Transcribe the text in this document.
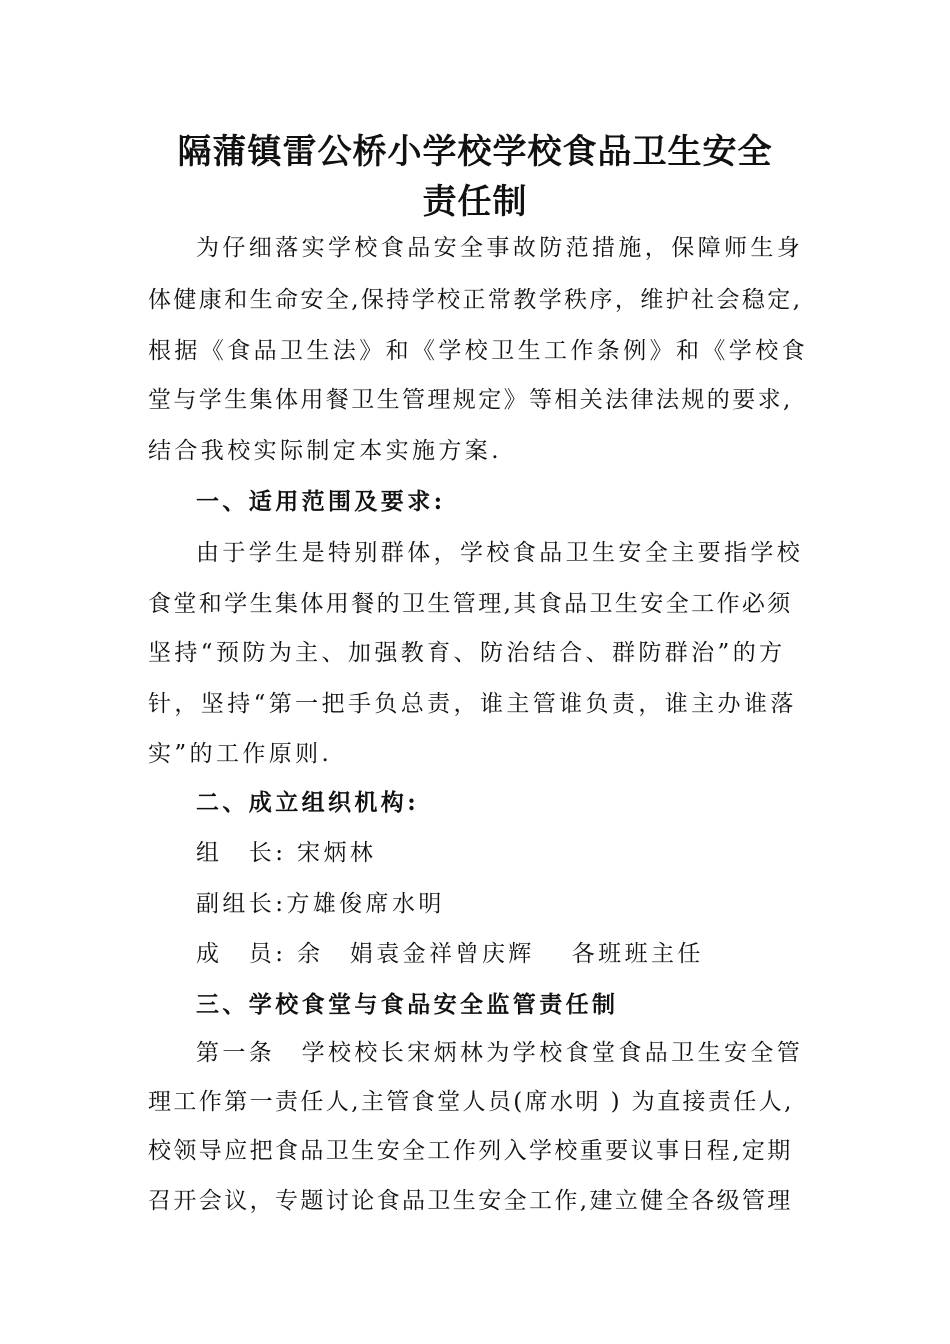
隔蒲镇雷公桥小学校学校食品卫生安全
责任制
为仔细落实学校食品安全事故防范措施，保障师生身
体健康和生命安全,保持学校正常教学秩序，维护社会稳定,
根据《食品卫生法》和《学校卫生工作条例》和《学校食
堂与学生集体用餐卫生管理规定》等相关法律法规的要求,
结合我校实际制定本实施方案.
一、适用范围及要求:
由于学生是特别群体，学校食品卫生安全主要指学校
食堂和学生集体用餐的卫生管理,其食品卫生安全工作必须
坚持“预防为主、加强教育、防治结合、群防群治”的方
针，坚持“第一把手负总责，谁主管谁负责，谁主办谁落
实”的工作原则.
二、成立组织机构:
组　长: 宋炳林
副组长:方雄俊席水明
成　员: 余　娟袁金祥曾庆辉　 各班班主任
三、学校食堂与食品安全监管责任制
第一条　学校校长宋炳林为学校食堂食品卫生安全管
理工作第一责任人,主管食堂人员(席水明 ) 为直接责任人,
校领导应把食品卫生安全工作列入学校重要议事日程,定期
召开会议，专题讨论食品卫生安全工作,建立健全各级管理
